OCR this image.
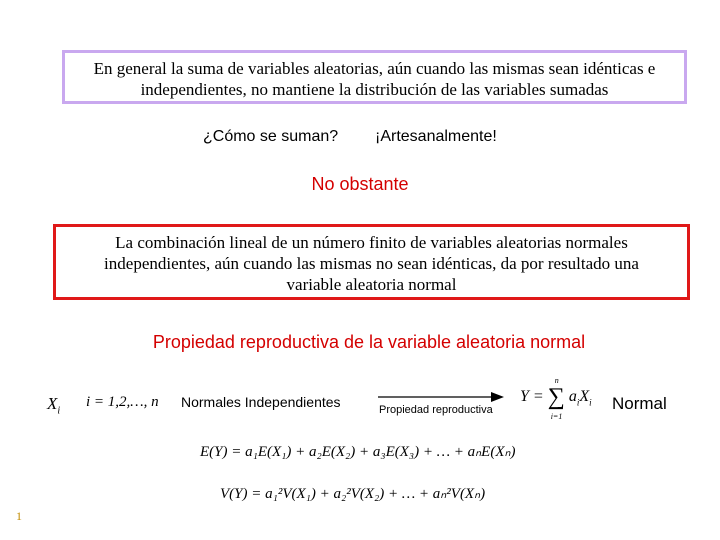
En general la suma de variables aleatorias, aún cuando las mismas sean idénticas e
independientes, no mantiene la distribución de las variables sumadas
¿Cómo se suman? ¡Artesanalmente!
No obstante
La combinación lineal de un número finito de variables aleatorias normales
independientes, aún cuando las mismas no sean idénticas, da por resultado una
variable aleatoria normal
Propiedad reproductiva de la variable aleatoria normal
$X_i$
i = 1,2,…, n Normales Independientes	Propiedad reproductiva
Y = ∑
n
i=1
$a_iX_i$ Normal
E(Y) = a₁E(X₁) + a₂E(X₂) + a₃E(X₃) + … + aₙE(Xₙ)
V(Y) = a₁²V(X₁) + a₂²V(X₂) + … + aₙ²V(Xₙ)
1
